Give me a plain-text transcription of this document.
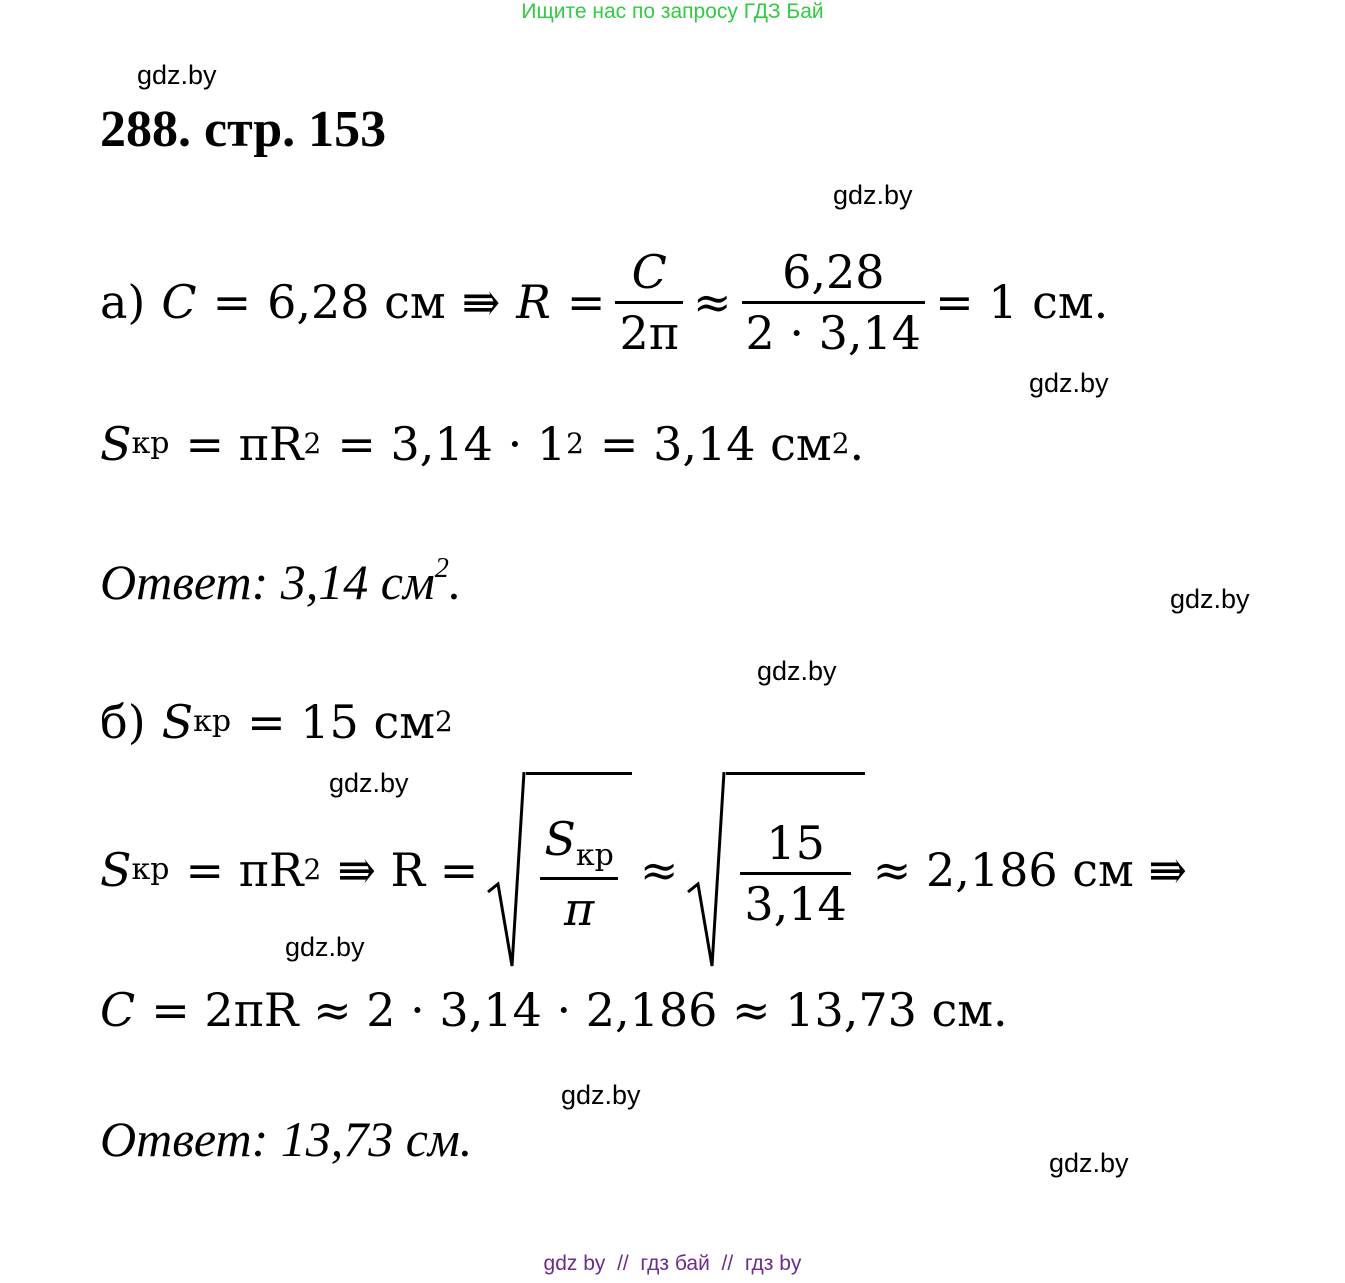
Ищите нас по запросу ГДЗ Бай
gdz.by
288. стр. 153
gdz.by
а) C = 6,28 см ⇛ $R = \frac{C}{2\pi} \approx \frac{6,28}{2 \cdot 3,14} = 1$ см.
gdz.by
S кр = πR 2 = 3,14 · 1 2 = 3,14 см 2 .
Ответ: 3,14 $см^2$.	gdz.by
gdz.by
б) S кр = 15 см 2
gdz.by
S кр = πR 2 ⇛ $R = \frac{S_{кр}}{\pi} \approx \frac{15}{3,14} \approx 2,186$ см ⇛
gdz.by
C = 2πR ≈ 2 · 3,14 · 2,186 ≈ 13,73 см.
gdz.by
Ответ: 13,73 см.	gdz.by
gdz by  //  гдз бай  //  гдз by
